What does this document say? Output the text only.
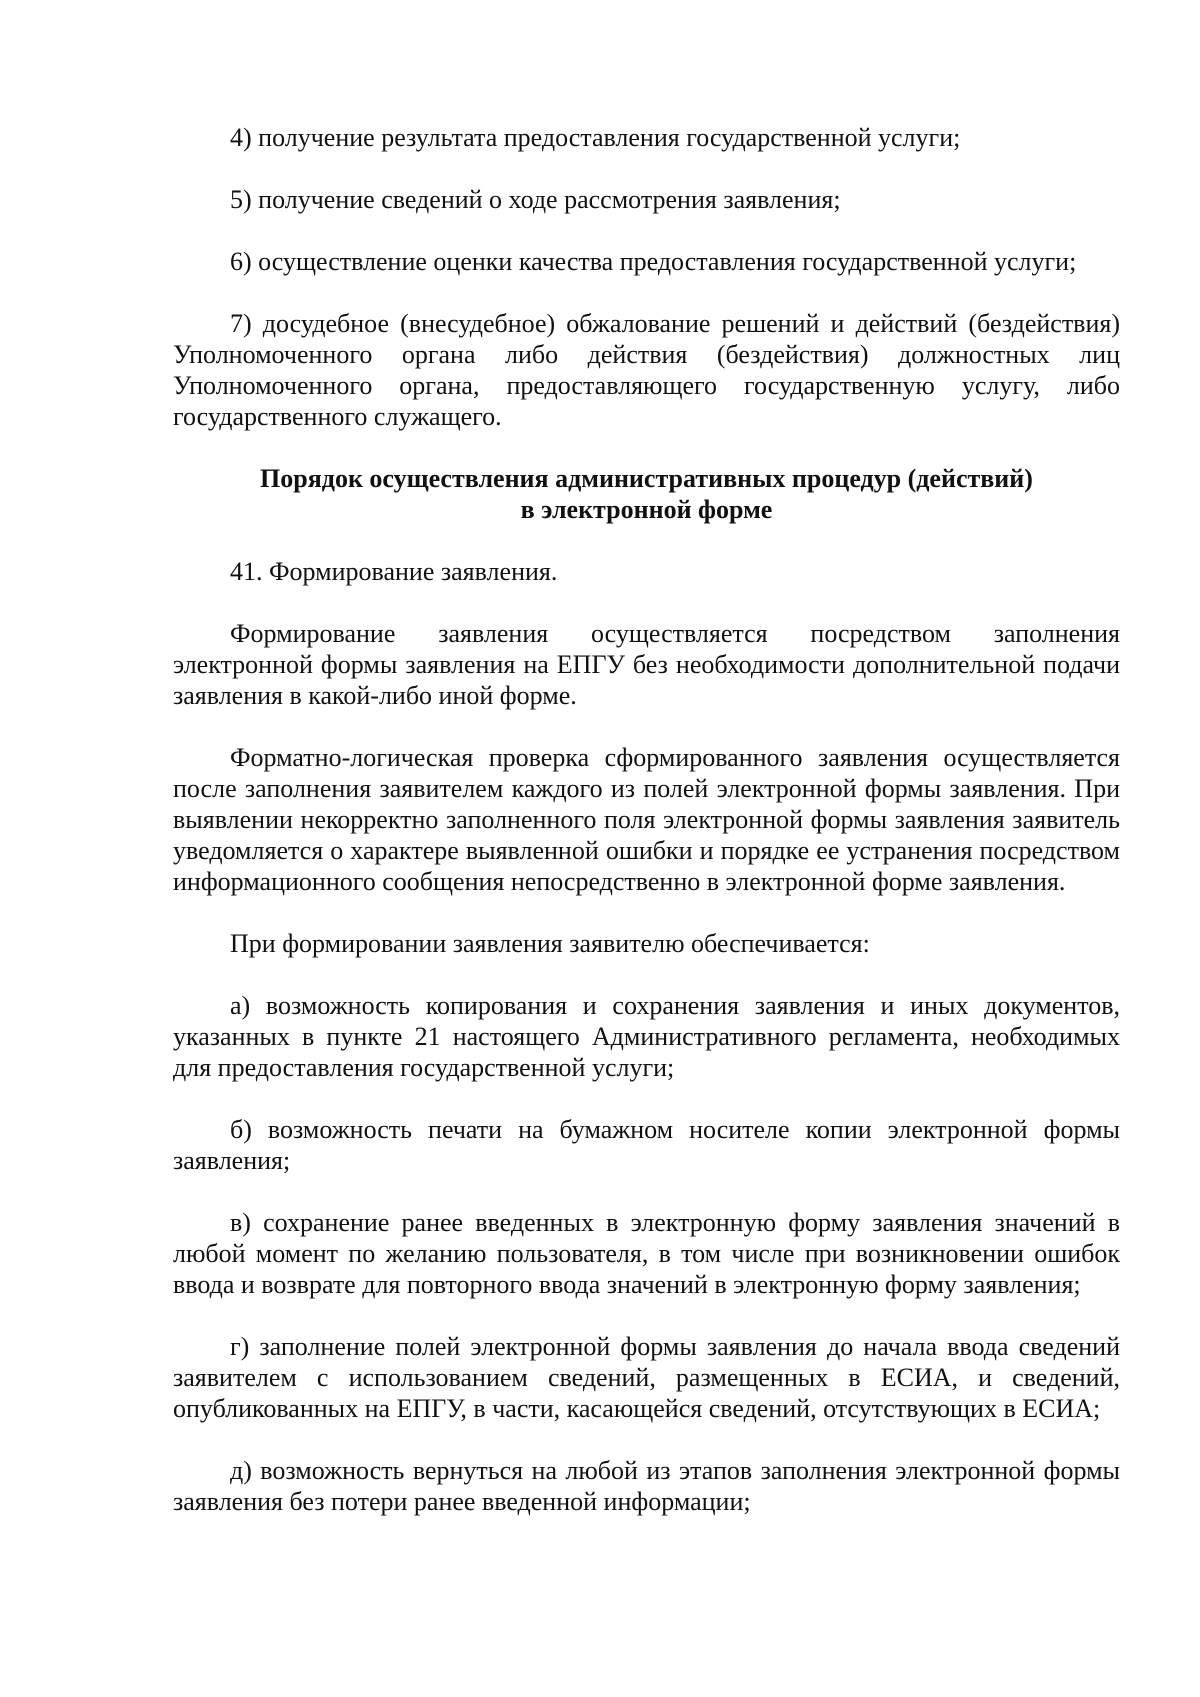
4) получение результата предоставления государственной услуги;

5) получение сведений о ходе рассмотрения заявления;

6) осуществление оценки качества предоставления государственной услуги;

7) досудебное (внесудебное) обжалование решений и действий (бездействия) Уполномоченного органа либо действия (бездействия) должностных лиц Уполномоченного органа, предоставляющего государственную услугу, либо государственного служащего.

Порядок осуществления административных процедур (действий)
в электронной форме

41. Формирование заявления.

Формирование заявления осуществляется посредством заполнения электронной формы заявления на ЕПГУ без необходимости дополнительной подачи заявления в какой-либо иной форме.

Форматно-логическая проверка сформированного заявления осуществляется после заполнения заявителем каждого из полей электронной формы заявления. При выявлении некорректно заполненного поля электронной формы заявления заявитель уведомляется о характере выявленной ошибки и порядке ее устранения посредством информационного сообщения непосредственно в электронной форме заявления.

При формировании заявления заявителю обеспечивается:

а) возможность копирования и сохранения заявления и иных документов, указанных в пункте 21 настоящего Административного регламента, необходимых для предоставления государственной услуги;

б) возможность печати на бумажном носителе копии электронной формы заявления;

в) сохранение ранее введенных в электронную форму заявления значений в любой момент по желанию пользователя, в том числе при возникновении ошибок ввода и возврате для повторного ввода значений в электронную форму заявления;

г) заполнение полей электронной формы заявления до начала ввода сведений заявителем с использованием сведений, размещенных в ЕСИА, и сведений, опубликованных на ЕПГУ, в части, касающейся сведений, отсутствующих в ЕСИА;

д) возможность вернуться на любой из этапов заполнения электронной формы заявления без потери ранее введенной информации;
